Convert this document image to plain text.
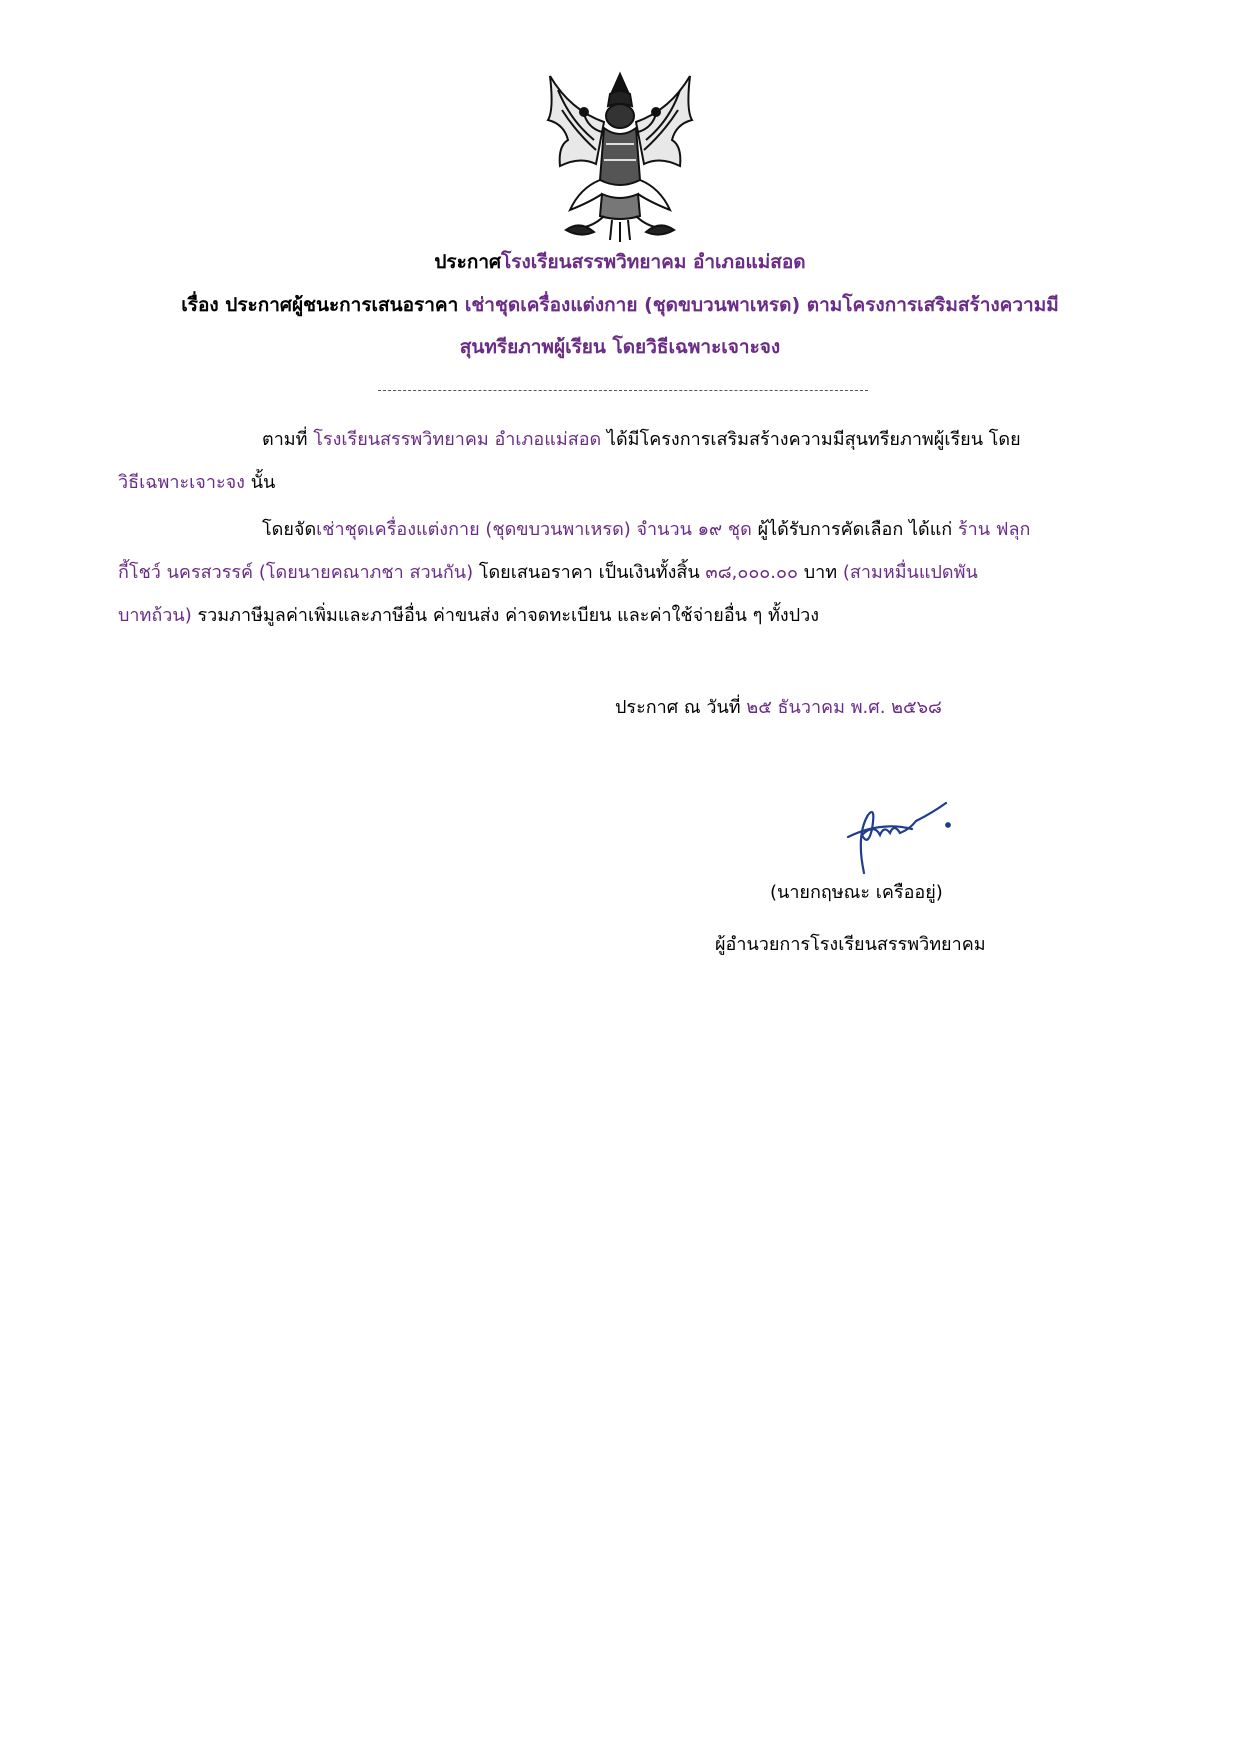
ประกาศโรงเรียนสรรพวิทยาคม อำเภอแม่สอด
เรื่อง ประกาศผู้ชนะการเสนอราคา เช่าชุดเครื่องแต่งกาย (ชุดขบวนพาเหรด) ตามโครงการเสริมสร้างความมี
สุนทรียภาพผู้เรียน โดยวิธีเฉพาะเจาะจง
ตามที่ โรงเรียนสรรพวิทยาคม อำเภอแม่สอด ได้มีโครงการเสริมสร้างความมีสุนทรียภาพผู้เรียน โดย
วิธีเฉพาะเจาะจง นั้น
โดยจัดเช่าชุดเครื่องแต่งกาย (ชุดขบวนพาเหรด) จำนวน ๑๙ ชุด ผู้ได้รับการคัดเลือก ได้แก่ ร้าน ฟลุก
กี้โชว์ นครสวรรค์ (โดยนายคณาภชา สวนกัน) โดยเสนอราคา เป็นเงินทั้งสิ้น ๓๘,๐๐๐.๐๐ บาท (สามหมื่นแปดพัน
บาทถ้วน) รวมภาษีมูลค่าเพิ่มและภาษีอื่น ค่าขนส่ง ค่าจดทะเบียน และค่าใช้จ่ายอื่น ๆ ทั้งปวง
ประกาศ ณ วันที่ ๒๕ ธันวาคม พ.ศ. ๒๕๖๘
(นายกฤษณะ เครืออยู่)
ผู้อำนวยการโรงเรียนสรรพวิทยาคม
